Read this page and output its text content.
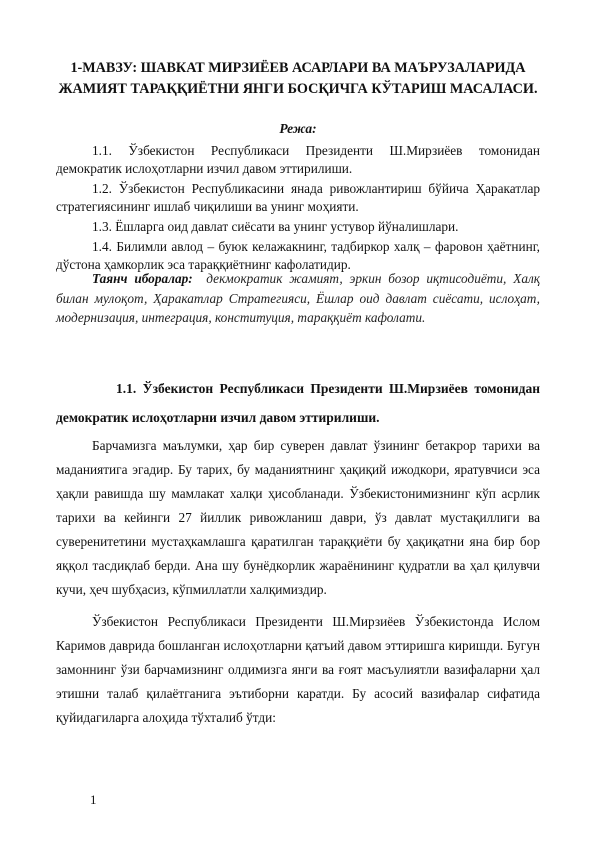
1-МАВЗУ: ШАВКАТ МИРЗИЁЕВ АСАРЛАРИ ВА МАЪРУЗАЛАРИДА ЖАМИЯТ ТАРАҚҚИЁТНИ ЯНГИ БОСҚИЧГА КЎТАРИШ МАСАЛАСИ.
Режа:

1.1. Ўзбекистон Республикаси Президенти Ш.Мирзиёев томонидан демократик ислоҳотларни изчил давом эттирилиши.

1.2. Ўзбекистон Республикасини янада ривожлантириш бўйича Ҳаракатлар стратегиясининг ишлаб чиқилиши ва унинг моҳияти.

1.3. Ёшларга оид давлат сиёсати ва унинг устувор йўналишлари.

1.4. Билимли авлод – буюк келажакнинг, тадбиркор халқ – фаровон ҳаётнинг, дўстона ҳамкорлик эса тараққиётнинг кафолатидир.

Таянч иборалар: декмократик жамият, эркин бозор иқтисодиёти, Халқ билан мулоқот, Ҳаракатлар Стратегияси, Ёшлар оид давлат сиёсати, ислоҳат, модернизация, интеграция, конституция, тараққиёт кафолати.
1.1. Ўзбекистон Республикаси Президенти Ш.Мирзиёев томонидан демократик ислоҳотларни изчил давом эттирилиши.

Барчамизга маълумки, ҳар бир суверен давлат ўзининг бетакрор тарихи ва маданиятига эгадир. Бу тарих, бу маданиятнинг ҳақиқий ижодкори, яратувчиси эса ҳақли равишда шу мамлакат халқи ҳисобланади. Ўзбекистонимизнинг кўп асрлик тарихи ва кейинги 27 йиллик ривожланиш даври, ўз давлат мустақиллиги ва суверенитетини мустаҳкамлашга қаратилган тараққиёти бу ҳақиқатни яна бир бор яққол тасдиқлаб берди. Ана шу бунёдкорлик жараёнининг қудратли ва ҳал қилувчи кучи, ҳеч шубҳасиз, кўпмиллатли халқимиздир.

Ўзбекистон Республикаси Президенти Ш.Мирзиёев Ўзбекистонда Ислом Каримов даврида бошланган ислоҳотларни қатъий давом эттиришга киришди. Бугун замоннинг ўзи барчамизнинг олдимизга янги ва ғоят масъулиятли вазифаларни ҳал этишни талаб қилаётганига эътиборни каратди. Бу асосий вазифалар сифатида қуйидагиларга алоҳида тўхталиб ўтди:

1
